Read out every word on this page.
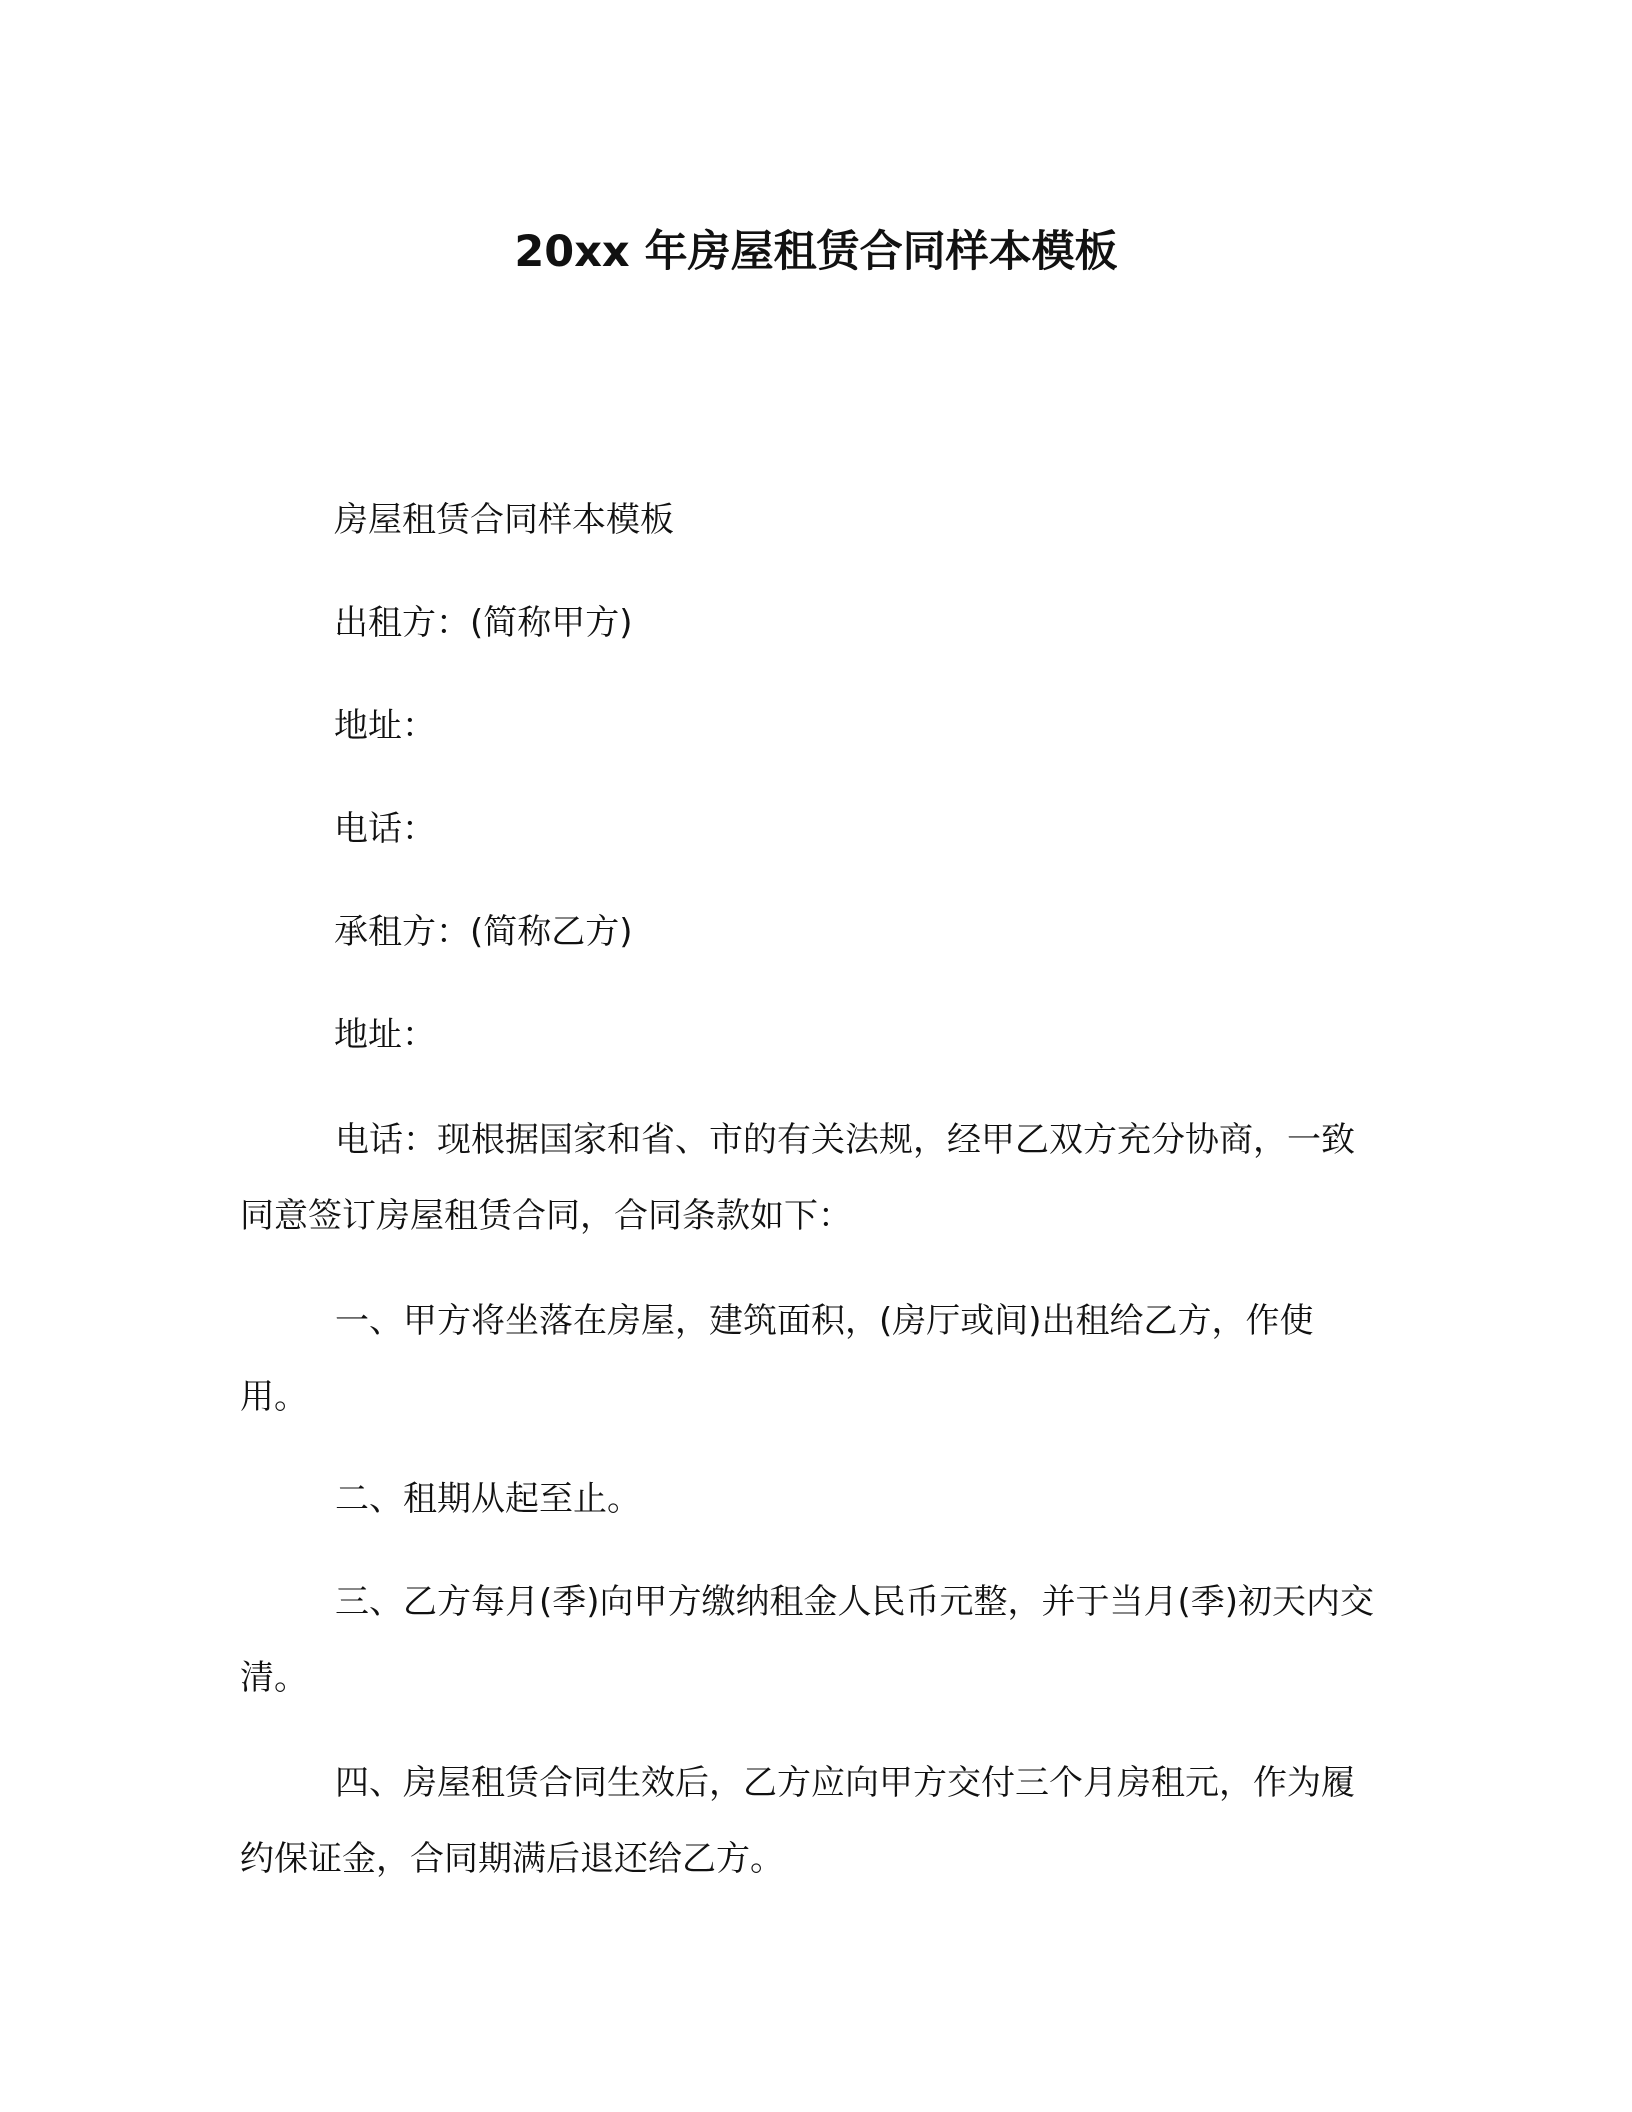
20xx 年房屋租赁合同样本模板

房屋租赁合同样本模板

出租方：(简称甲方)

地址：

电话：

承租方：(简称乙方)

地址：

电话：现根据国家和省、市的有关法规，经甲乙双方充分协商，一致同意签订房屋租赁合同，合同条款如下：

一、甲方将坐落在房屋，建筑面积，(房厅或间)出租给乙方，作使用。

二、租期从起至止。

三、乙方每月(季)向甲方缴纳租金人民币元整，并于当月(季)初天内交清。

四、房屋租赁合同生效后，乙方应向甲方交付三个月房租元，作为履约保证金，合同期满后退还给乙方。
